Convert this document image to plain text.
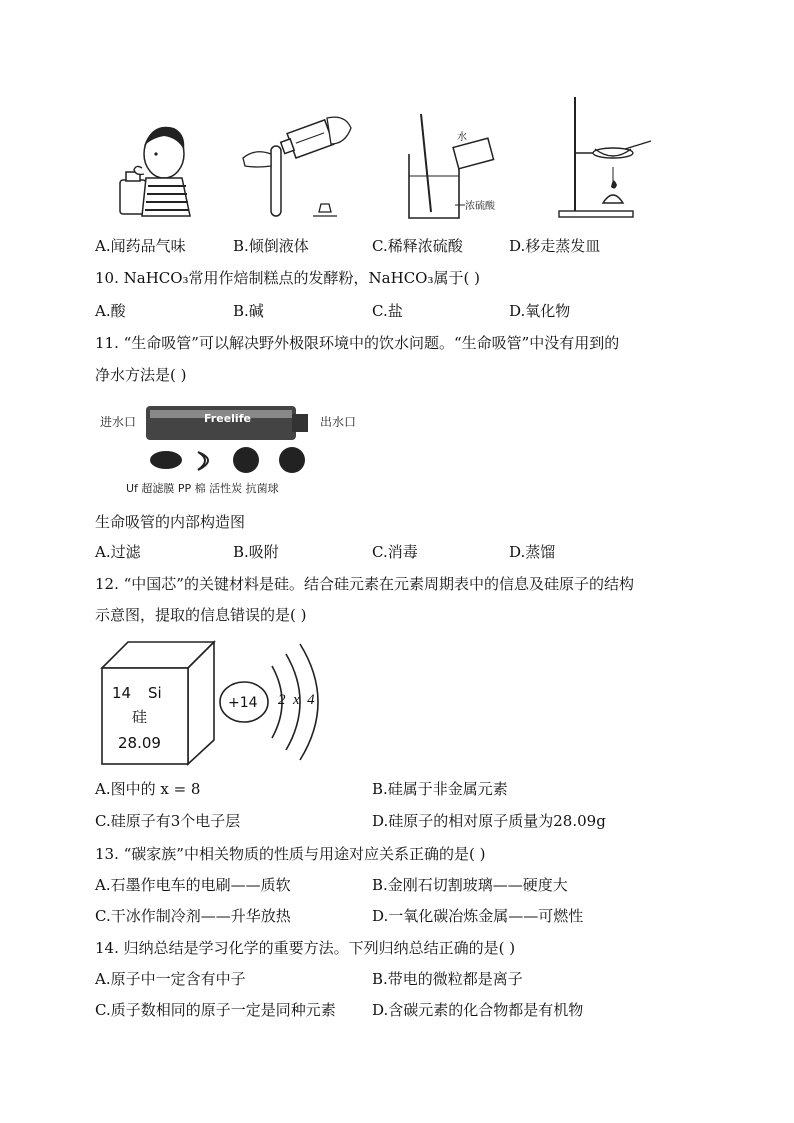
水
浓硫酸
A.闻药品气味	B.倾倒液体	C.稀释浓硫酸	D.移走蒸发皿
10. NaHCO₃常用作焙制糕点的发酵粉，NaHCO₃属于( )
A.酸	B.碱	C.盐	D.氧化物
11. “生命吸管”可以解决野外极限环境中的饮水问题。“生命吸管”中没有用到的
净水方法是( )
进水口	Freelife	出水口
Uf 超滤膜 PP 棉 活性炭 抗菌球
生命吸管的内部构造图
A.过滤	B.吸附	C.消毒	D.蒸馏
12. “中国芯”的关键材料是硅。结合硅元素在元素周期表中的信息及硅原子的结构
示意图，提取的信息错误的是( )
14 Si
硅
28.09
+14 2  x  4
A.图中的 x = 8	B.硅属于非金属元素
C.硅原子有3个电子层	D.硅原子的相对原子质量为28.09g
13. “碳家族”中相关物质的性质与用途对应关系正确的是( )
A.石墨作电车的电刷——质软	B.金刚石切割玻璃——硬度大
C.干冰作制冷剂——升华放热	D.一氧化碳冶炼金属——可燃性
14. 归纳总结是学习化学的重要方法。下列归纳总结正确的是( )
A.原子中一定含有中子	B.带电的微粒都是离子
C.质子数相同的原子一定是同种元素 D.含碳元素的化合物都是有机物
